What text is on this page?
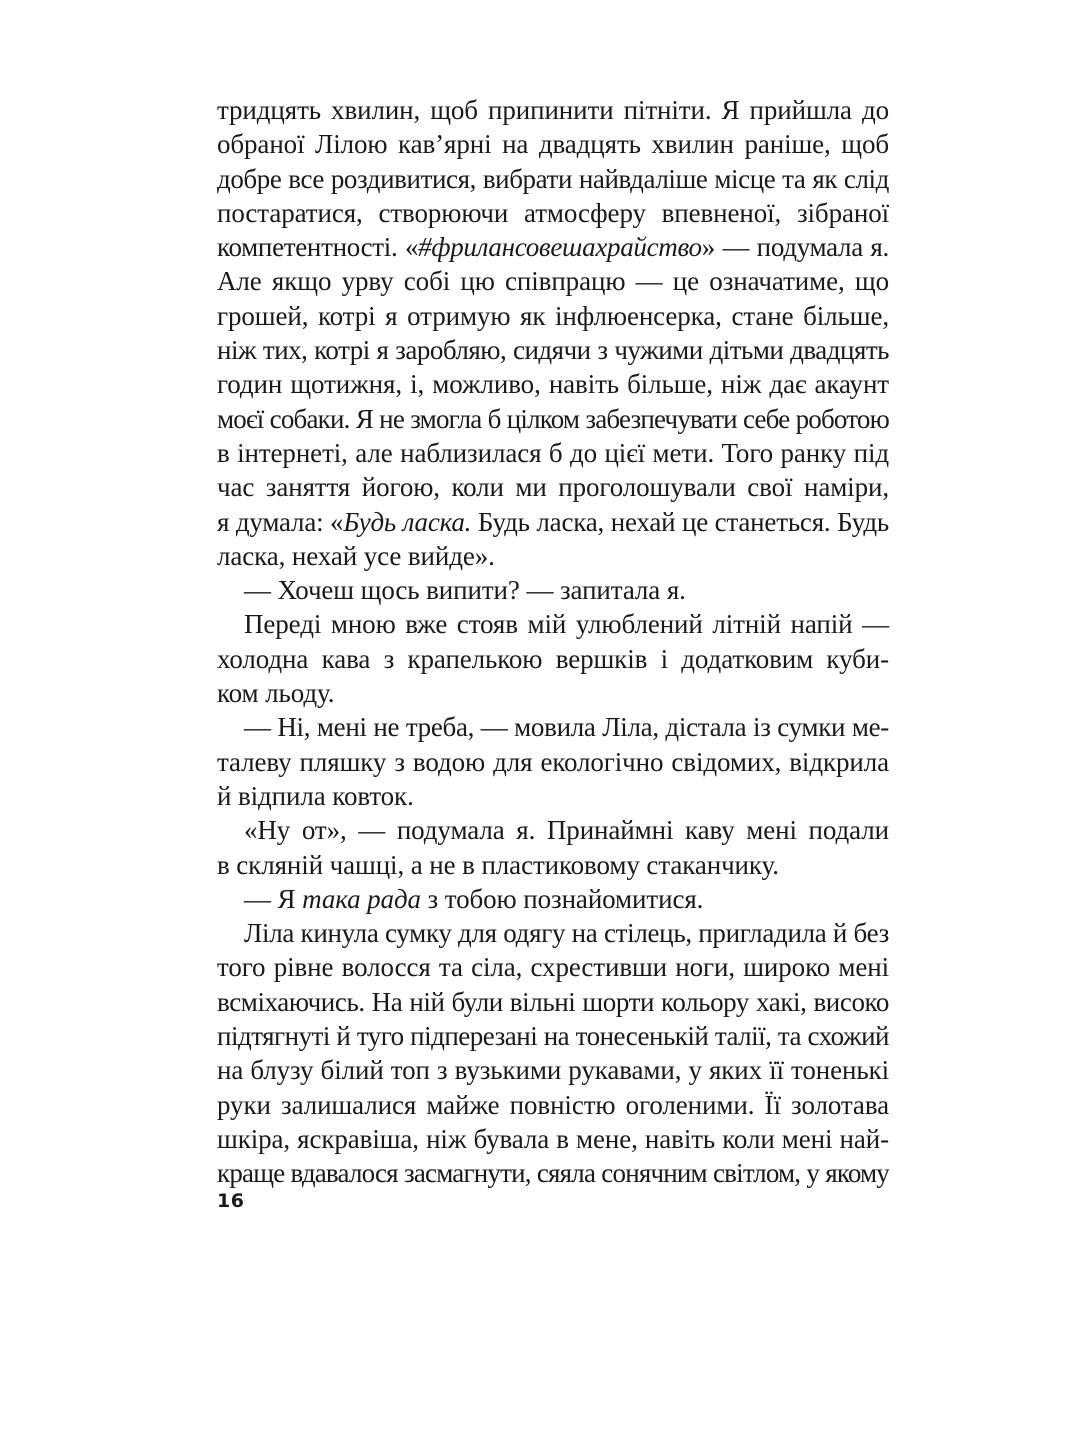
тридцять хвилин, щоб припинити пітніти. Я прийшла до
обраної Лілою кав’ярні на двадцять хвилин раніше, щоб
добре все роздивитися, вибрати найвдаліше місце та як слід
постаратися, створюючи атмосферу впевненої, зібраної
компетентності. «#фрилансовешахрайство» — подумала я.
Але якщо урву собі цю співпрацю — це означатиме, що
грошей, котрі я отримую як інфлюенсерка, стане більше,
ніж тих, котрі я заробляю, сидячи з чужими дітьми двадцять
годин щотижня, і, можливо, навіть більше, ніж дає акаунт
моєї собаки. Я не змогла б цілком забезпечувати себе роботою
в інтернеті, але наблизилася б до цієї мети. Того ранку під
час заняття йогою, коли ми проголошували свої наміри,
я думала: «Будь ласка. Будь ласка, нехай це станеться. Будь
ласка, нехай усе вийде».
— Хочеш щось випити? — запитала я.
Переді мною вже стояв мій улюблений літній напій —
холодна кава з крапелькою вершків і додатковим куби-
ком льоду.
— Ні, мені не треба, — мовила Ліла, дістала із сумки ме-
талеву пляшку з водою для екологічно свідомих, відкрила
й відпила ковток.
«Ну от», — подумала я. Принаймні каву мені подали
в скляній чашці, а не в пластиковому стаканчику.
— Я така рада з тобою познайомитися.
Ліла кинула сумку для одягу на стілець, пригладила й без
того рівне волосся та сіла, схрестивши ноги, широко мені
всміхаючись. На ній були вільні шорти кольору хакі, високо
підтягнуті й туго підперезані на тонесенькій талії, та схожий
на блузу білий топ з вузькими рукавами, у яких її тоненькі
руки залишалися майже повністю оголеними. Її золотава
шкіра, яскравіша, ніж бувала в мене, навіть коли мені най-
краще вдавалося засмагнути, сяяла сонячним світлом, у якому
16
